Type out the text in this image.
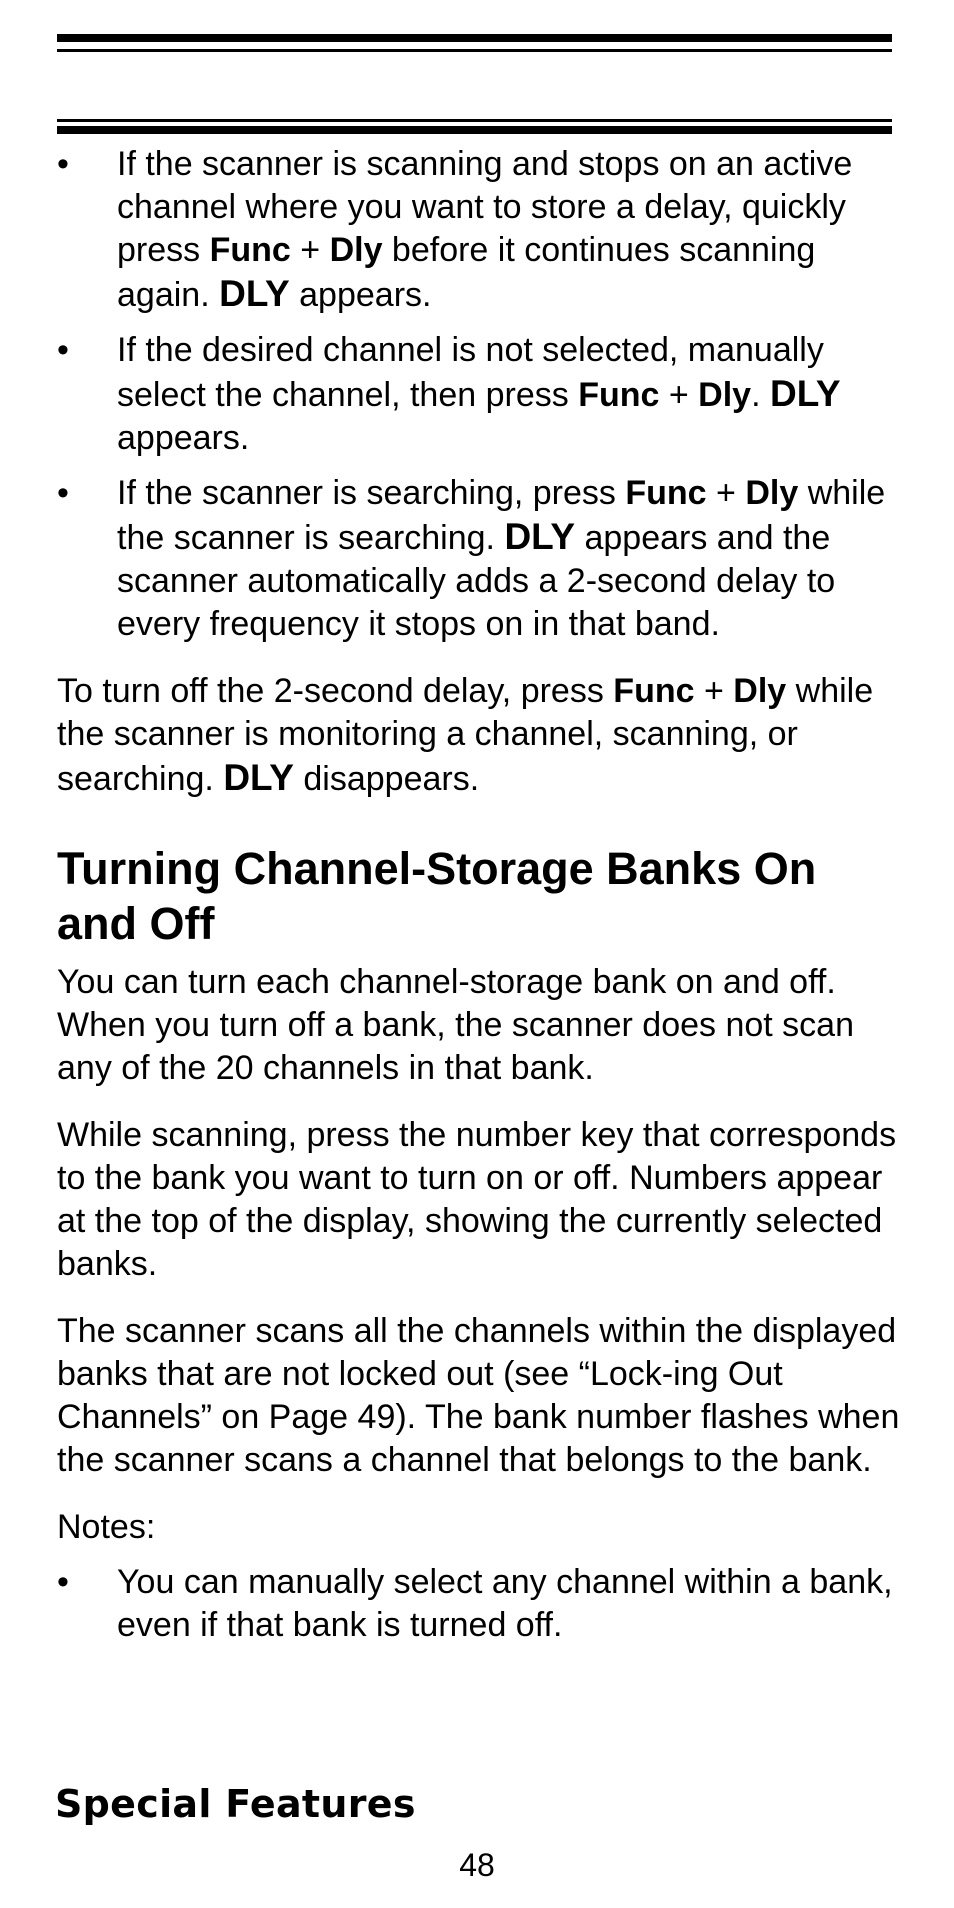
• If the scanner is scanning and stops on an active channel where you want to store a delay, quickly press Func + Dly before it continues scanning again. DLY appears.
• If the desired channel is not selected, manually select the channel, then press Func + Dly. DLY appears.
• If the scanner is searching, press Func + Dly while the scanner is searching. DLY appears and the scanner automatically adds a 2-second delay to every frequency it stops on in that band.

To turn off the 2-second delay, press Func + Dly while the scanner is monitoring a channel, scanning, or searching. DLY disappears.

Turning Channel-Storage Banks On and Off

You can turn each channel-storage bank on and off. When you turn off a bank, the scanner does not scan any of the 20 channels in that bank.

While scanning, press the number key that corresponds to the bank you want to turn on or off. Numbers appear at the top of the display, showing the currently selected banks.

The scanner scans all the channels within the displayed banks that are not locked out (see “Lock-ing Out Channels” on Page 49). The bank number flashes when the scanner scans a channel that belongs to the bank.

Notes:

• You can manually select any channel within a bank, even if that bank is turned off.
Special Features
48
